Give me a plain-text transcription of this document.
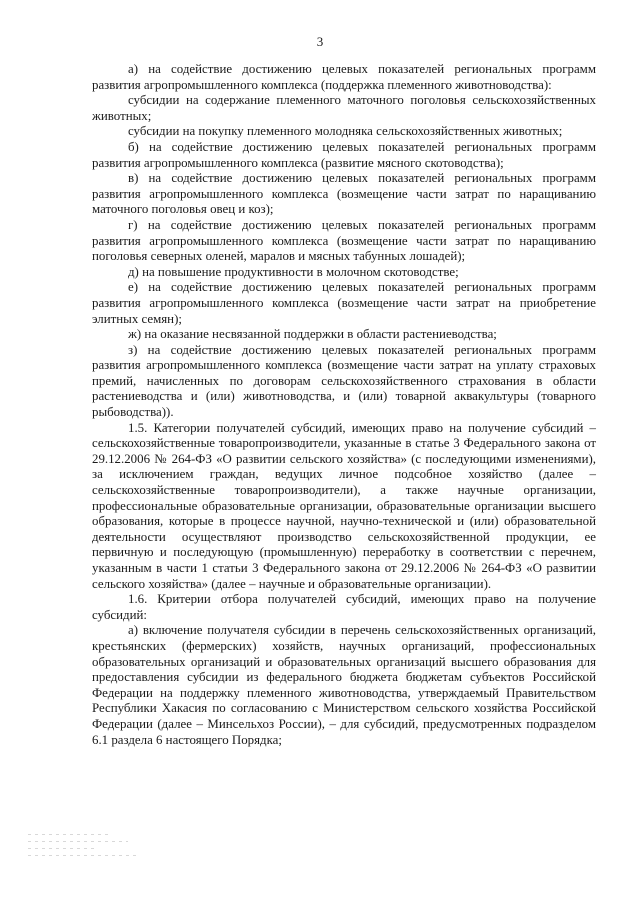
3

а) на содействие достижению целевых показателей региональных программ развития агропромышленного комплекса (поддержка племенного животноводства):

субсидии на содержание племенного маточного поголовья сельскохозяйственных животных;

субсидии на покупку племенного молодняка сельскохозяйственных животных;

б) на содействие достижению целевых показателей региональных программ развития агропромышленного комплекса (развитие мясного скотоводства);

в) на содействие достижению целевых показателей региональных программ развития агропромышленного комплекса (возмещение части затрат по наращиванию маточного поголовья овец и коз);

г) на содействие достижению целевых показателей региональных программ развития агропромышленного комплекса (возмещение части затрат по наращиванию поголовья северных оленей, маралов и мясных табунных лошадей);

д) на повышение продуктивности в молочном скотоводстве;

е) на содействие достижению целевых показателей региональных программ развития агропромышленного комплекса (возмещение части затрат на приобретение элитных семян);

ж) на оказание несвязанной поддержки в области растениеводства;

з) на содействие достижению целевых показателей региональных программ развития агропромышленного комплекса (возмещение части затрат на уплату страховых премий, начисленных по договорам сельскохозяйственного страхования в области растениеводства и (или) животноводства, и (или) товарной аквакультуры (товарного рыбоводства)).

1.5. Категории получателей субсидий, имеющих право на получение субсидий – сельскохозяйственные товаропроизводители, указанные в статье 3 Федерального закона от 29.12.2006 № 264-ФЗ «О развитии сельского хозяйства» (с последующими изменениями), за исключением граждан, ведущих личное подсобное хозяйство (далее – сельскохозяйственные товаропроизводители), а также научные организации, профессиональные образовательные организации, образовательные организации высшего образования, которые в процессе научной, научно-технической и (или) образовательной деятельности осуществляют производство сельскохозяйственной продукции, ее первичную и последующую (промышленную) переработку в соответствии с перечнем, указанным в части 1 статьи 3 Федерального закона от 29.12.2006 № 264-ФЗ «О развитии сельского хозяйства» (далее – научные и образовательные организации).

1.6. Критерии отбора получателей субсидий, имеющих право на получение субсидий:

а) включение получателя субсидии в перечень сельскохозяйственных организаций, крестьянских (фермерских) хозяйств, научных организаций, профессиональных образовательных организаций и образовательных организаций высшего образования для предоставления субсидии из федерального бюджета бюджетам субъектов Российской Федерации на поддержку племенного животноводства, утверждаемый Правительством Республики Хакасия по согласованию с Министерством сельского хозяйства Российской Федерации (далее – Минсельхоз России), – для субсидий, предусмотренных подразделом 6.1 раздела 6 настоящего Порядка;
